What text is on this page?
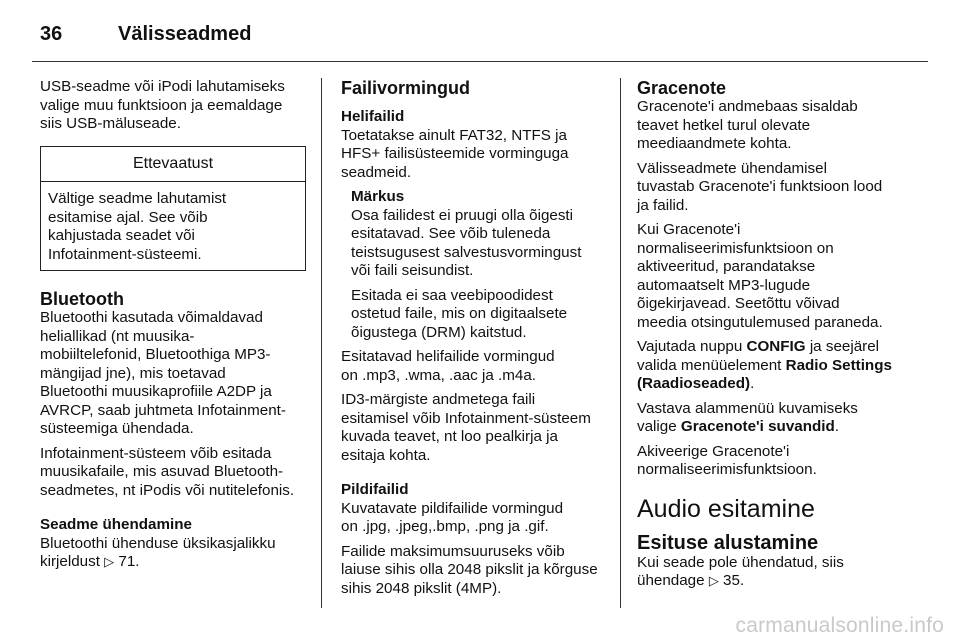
36	Välisseadmed

USB-seadme või iPodi lahutamiseks
valige muu funktsioon ja eemaldage
siis USB-mäluseade.

Ettevaatust
Vältige seadme lahutamist
esitamise ajal. See võib
kahjustada seadet või
Infotainment-süsteemi.
Bluetooth

Bluetoothi kasutada võimaldavad
heliallikad (nt muusika-
mobiiltelefonid, Bluetoothiga MP3-
mängijad jne), mis toetavad
Bluetoothi muusikaprofiile A2DP ja
AVRCP, saab juhtmeta Infotainment-
süsteemiga ühendada.

Infotainment-süsteem võib esitada
muusikafaile, mis asuvad Bluetooth-
seadmetes, nt iPodis või nutitelefonis.

Seadme ühendamine

Bluetoothi ühenduse üksikasjalikku
kirjeldust ▷ 71.

Failivormingud
Helifailid

Toetatakse ainult FAT32, NTFS ja
HFS+ failisüsteemide vorminguga
seadmeid.

Märkus

Osa failidest ei pruugi olla õigesti
esitatavad. See võib tuleneda
teistsugusest salvestusvormingust
või faili seisundist.

Esitada ei saa veebipoodidest
ostetud faile, mis on digitaalsete
õigustega (DRM) kaitstud.

Esitatavad helifailide vormingud
on .mp3, .wma, .aac ja .m4a.

ID3-märgiste andmetega faili
esitamisel võib Infotainment-süsteem
kuvada teavet, nt loo pealkirja ja
esitaja kohta.

Pildifailid

Kuvatavate pildifailide vormingud
on .jpg, .jpeg,.bmp, .png ja .gif.

Failide maksimumsuuruseks võib
laiuse sihis olla 2048 pikslit ja kõrguse
sihis 2048 pikslit (4MP).

Gracenote

Gracenote'i andmebaas sisaldab
teavet hetkel turul olevate
meediaandmete kohta.

Välisseadmete ühendamisel
tuvastab Gracenote'i funktsioon lood
ja failid.

Kui Gracenote'i
normaliseerimisfunktsioon on
aktiveeritud, parandatakse
automaatselt MP3-lugude
õigekirjavead. Seetõttu võivad
meedia otsingutulemused paraneda.

Vajutada nuppu CONFIG ja seejärel
valida menüüelement Radio Settings
(Raadioseaded).

Vastava alammenüü kuvamiseks
valige Gracenote'i suvandid.

Akiveerige Gracenote'i
normaliseerimisfunktsioon.

Audio esitamine
Esituse alustamine

Kui seade pole ühendatud, siis
ühendage ▷ 35.

carmanualsonline.info
